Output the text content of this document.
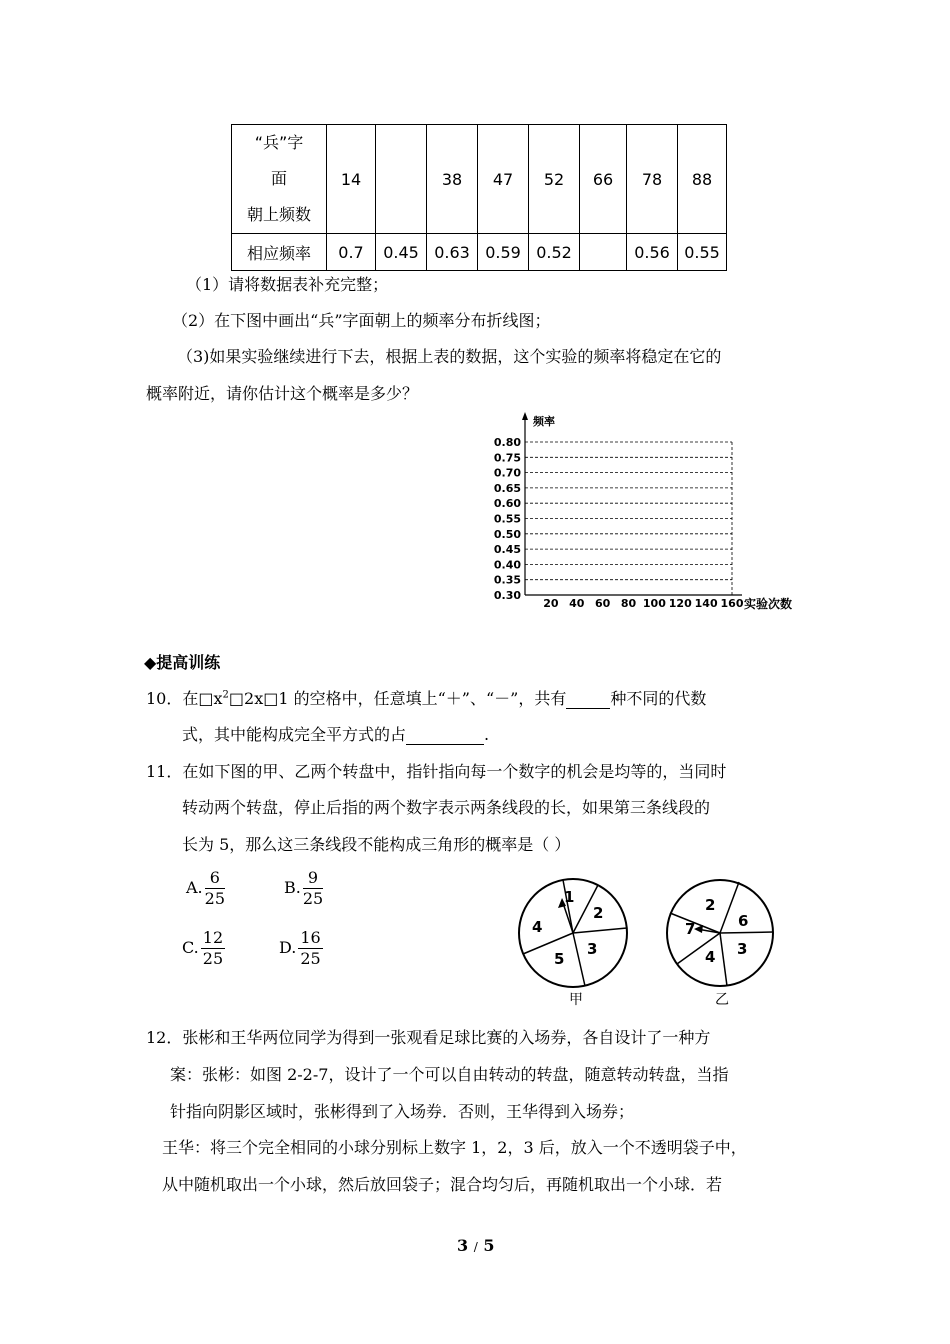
“兵”字
面
朝上频数	14		38	47	52	66	78	88
相应频率	0.7	0.45	0.63	0.59	0.52		0.56	0.55
（1）请将数据表补充完整；
（2）在下图中画出“兵”字面朝上的频率分布折线图；
（3)如果实验继续进行下去，根据上表的数据，这个实验的频率将稳定在它的
概率附近，请你估计这个概率是多少？
0.30
0.35
0.40
0.45
0.50
0.55
0.60
0.65
0.70
0.75
0.80
20 40 60 80 100 120 140 160
频率
实验次数
◆提高训练
10．在$□x^2□2x□1$ 的空格中，任意填上“＋”、“－”，共有	种不同的代数
式，其中能构成完全平方式的占	.
11．在如下图的甲、乙两个转盘中，指针指向每一个数字的机会是均等的，当同时
转动两个转盘，停止后指的两个数字表示两条线段的长，如果第三条线段的
长为 5，那么这三条线段不能构成三角形的概率是（ ）
A. $\frac{6}{25}$	B. $\frac{9}{25}$
C. $\frac{12}{25}$	D. $\frac{16}{25}$
1
2
3
5
4
甲
2
6
3
4
7
乙
12．张彬和王华两位同学为得到一张观看足球比赛的入场券，各自设计了一种方
案：张彬：如图 2-2-7，设计了一个可以自由转动的转盘，随意转动转盘，当指
针指向阴影区域时，张彬得到了入场券．否则，王华得到入场券；
王华：将三个完全相同的小球分别标上数字 1，2，3 后，放入一个不透明袋子中，
从中随机取出一个小球，然后放回袋子；混合均匀后，再随机取出一个小球．若
3 / 5
